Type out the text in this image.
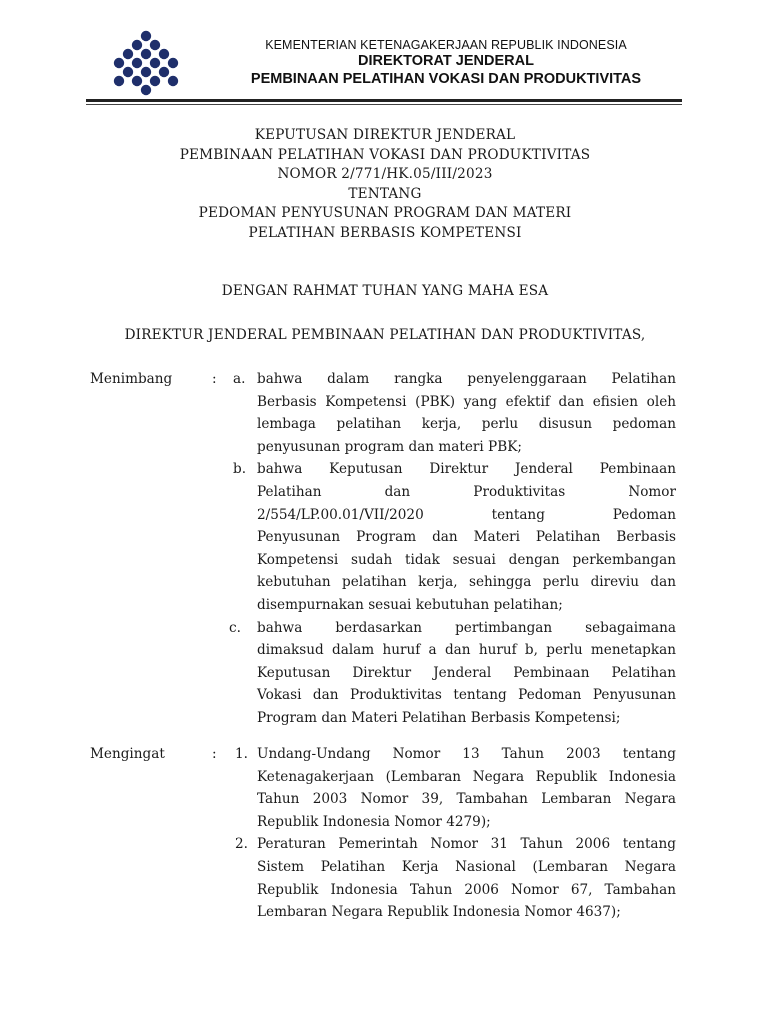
KEMENTERIAN KETENAGAKERJAAN REPUBLIK INDONESIA
DIREKTORAT JENDERAL
PEMBINAAN PELATIHAN VOKASI DAN PRODUKTIVITAS
KEPUTUSAN DIREKTUR JENDERAL
PEMBINAAN PELATIHAN VOKASI DAN PRODUKTIVITAS
NOMOR 2/771/HK.05/III/2023
TENTANG
PEDOMAN PENYUSUNAN PROGRAM DAN MATERI
PELATIHAN BERBASIS KOMPETENSI
DENGAN RAHMAT TUHAN YANG MAHA ESA
DIREKTUR JENDERAL PEMBINAAN PELATIHAN DAN PRODUKTIVITAS,
Menimbang	: a. bahwa dalam rangka penyelenggaraan Pelatihan
Berbasis Kompetensi (PBK) yang efektif dan efisien oleh
lembaga pelatihan kerja, perlu disusun pedoman
penyusunan program dan materi PBK;
b. bahwa Keputusan Direktur Jenderal Pembinaan
Pelatihan dan Produktivitas Nomor
2/554/LP.00.01/VII/2020 tentang Pedoman
Penyusunan Program dan Materi Pelatihan Berbasis
Kompetensi sudah tidak sesuai dengan perkembangan
kebutuhan pelatihan kerja, sehingga perlu direviu dan
disempurnakan sesuai kebutuhan pelatihan;
c. bahwa berdasarkan pertimbangan sebagaimana
dimaksud dalam huruf a dan huruf b, perlu menetapkan
Keputusan Direktur Jenderal Pembinaan Pelatihan
Vokasi dan Produktivitas tentang Pedoman Penyusunan
Program dan Materi Pelatihan Berbasis Kompetensi;
Mengingat	: 1. Undang-Undang Nomor 13 Tahun 2003 tentang
Ketenagakerjaan (Lembaran Negara Republik Indonesia
Tahun 2003 Nomor 39, Tambahan Lembaran Negara
Republik Indonesia Nomor 4279);
2. Peraturan Pemerintah Nomor 31 Tahun 2006 tentang
Sistem Pelatihan Kerja Nasional (Lembaran Negara
Republik Indonesia Tahun 2006 Nomor 67, Tambahan
Lembaran Negara Republik Indonesia Nomor 4637);
